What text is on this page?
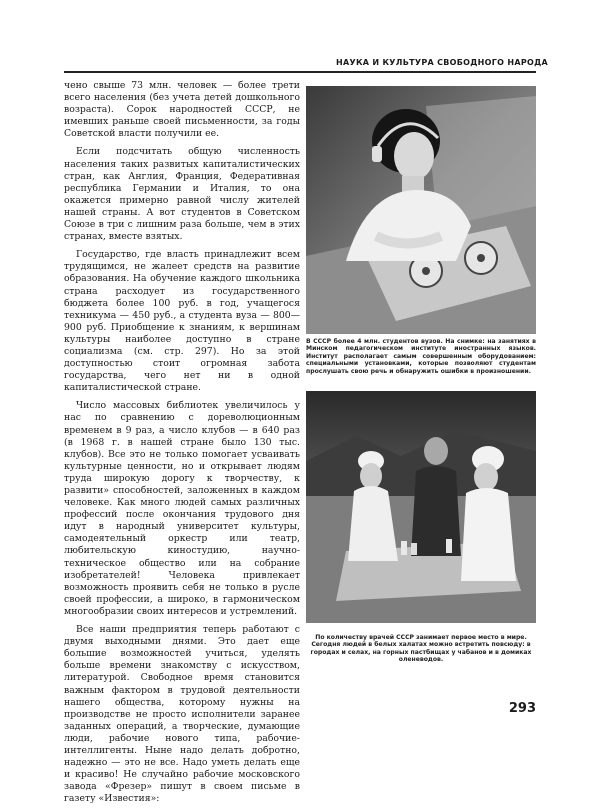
НАУКА И КУЛЬТУРА СВОБОДНОГО НАРОДА

чено свыше 73 млн. человек — более трети всего населения (без учета детей дошкольного возраста). Сорок народностей СССР, не имевших раньше своей письменности, за годы Советской власти получили ее.

Если подсчитать общую численность населения таких развитых капиталистических стран, как Англия, Франция, Федеративная республика Германии и Италия, то она окажется примерно равной числу жителей нашей страны. А вот студентов в Советском Союзе в три с лишним раза больше, чем в этих странах, вместе взятых.

Государство, где власть принадлежит всем трудящимся, не жалеет средств на развитие образования. На обучение каждого школьника страна расходует из государственного бюджета более 100 руб. в год, учащегося техникума — 450 руб., а студента вуза — 800—900 руб. Приобщение к знаниям, к вершинам культуры наиболее доступно в стране социализма (см. стр. 297). Но за этой доступностью стоит огромная забота государства, чего нет ни в одной капиталистической стране.

Число массовых библиотек увеличилось у нас по сравнению с дореволюционным временем в 9 раз, а число клубов — в 640 раз (в 1968 г. в нашей стране было 130 тыс. клубов). Все это не только помогает усваивать культурные ценности, но и открывает людям труда широкую дорогу к творчеству, к развити» способностей, заложенных в каждом человеке. Как много людей самых различных профессий после окончания трудового дня идут в народный университет культуры, самодеятельный оркестр или театр, любительскую киностудию, научно-техническое общество или на собрание изобретателей! Человека привлекает возможность проявить себя не только в русле своей профессии, а широко, в гармоническом многообразии своих интересов и устремлений.

Все наши предприятия теперь работают с двумя выходными днями. Это дает еще большие возможностей учиться, уделять больше времени знакомству с искусством, литературой. Свободное время становится важным фактором в трудовой деятельности нашего общества, которому нужны на производстве не просто исполнители заранее заданных операций, а творческие, думающие люди, рабочие нового типа, рабочие-интеллигенты. Ныне надо делать добротно, надежно — это не все. Надо уметь делать еще и красиво! Не случайно рабочие московского завода «Фрезер» пишут в своем письме в газету «Известия»:

В СССР более 4 млн. студентов вузов. На снимке: на занятиях в Минском педагогическом институте иностранных языков. Институт располагает самым совершенным оборудованием: специальными установками, которые позволяют студентам прослушать свою речь и обнаружить ошибки в произношении.
По количеству врачей СССР занимает первое место в мире. Сегодня людей в белых халатах можно встретить повсюду: в городах и селах, на горных пастбищах у чабанов и в домиках оленеводов.
293
